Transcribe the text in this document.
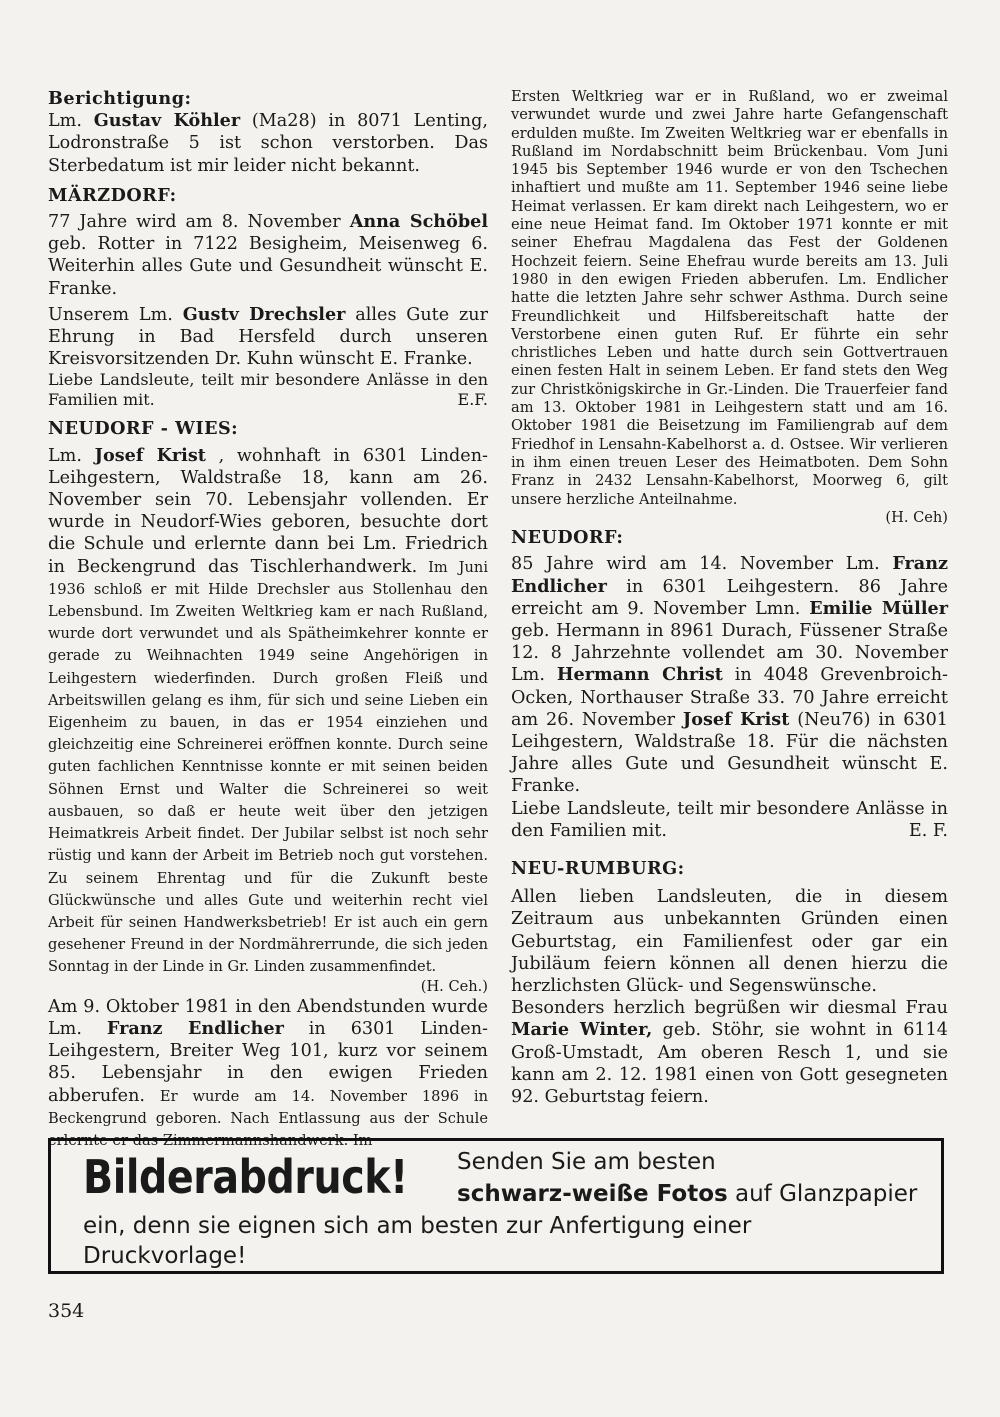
Berichtigung:

Lm. Gustav Köhler (Ma28) in 8071 Lenting, Lodronstraße 5 ist schon verstorben. Das Sterbedatum ist mir leider nicht bekannt.

MÄRZDORF:

77 Jahre wird am 8. November Anna Schöbel geb. Rotter in 7122 Besigheim, Meisenweg 6. Weiterhin alles Gute und Gesundheit wünscht E. Franke.

Unserem Lm. Gustv Drechsler alles Gute zur Ehrung in Bad Hersfeld durch unseren Kreisvorsitzenden Dr. Kuhn wünscht E. Franke.

Liebe Landsleute, teilt mir besondere Anlässe in den Familien mit.	E.F.

NEUDORF - WIES:

Lm. Josef Krist , wohnhaft in 6301 Linden-Leihgestern, Waldstraße 18, kann am 26. November sein 70. Lebensjahr vollenden. Er wurde in Neudorf-Wies geboren, besuchte dort die Schule und erlernte dann bei Lm. Friedrich in Beckengrund das Tischlerhandwerk. Im Juni 1936 schloß er mit Hilde Drechsler aus Stollenhau den Lebensbund. Im Zweiten Weltkrieg kam er nach Rußland, wurde dort verwundet und als Spätheimkehrer konnte er gerade zu Weihnachten 1949 seine Angehörigen in Leihgestern wiederfinden. Durch großen Fleiß und Arbeitswillen gelang es ihm, für sich und seine Lieben ein Eigenheim zu bauen, in das er 1954 einziehen und gleichzeitig eine Schreinerei eröffnen konnte. Durch seine guten fachlichen Kenntnisse konnte er mit seinen beiden Söhnen Ernst und Walter die Schreinerei so weit ausbauen, so daß er heute weit über den jetzigen Heimatkreis Arbeit findet. Der Jubilar selbst ist noch sehr rüstig und kann der Arbeit im Betrieb noch gut vorstehen. Zu seinem Ehrentag und für die Zukunft beste Glückwünsche und alles Gute und weiterhin recht viel Arbeit für seinen Handwerksbetrieb! Er ist auch ein gern gesehener Freund in der Nordmährerrunde, die sich jeden Sonntag in der Linde in Gr. Linden zusammenfindet.
(H. Ceh.)

Am 9. Oktober 1981 in den Abendstunden wurde Lm. Franz Endlicher in 6301 Linden-Leihgestern, Breiter Weg 101, kurz vor seinem 85. Lebensjahr in den ewigen Frieden abberufen. Er wurde am 14. November 1896 in Beckengrund geboren. Nach Entlassung aus der Schule erlernte er das Zimmermannshandwerk. Im

Ersten Weltkrieg war er in Rußland, wo er zweimal verwundet wurde und zwei Jahre harte Gefangenschaft erdulden mußte. Im Zweiten Weltkrieg war er ebenfalls in Rußland im Nordabschnitt beim Brückenbau. Vom Juni 1945 bis September 1946 wurde er von den Tschechen inhaftiert und mußte am 11. September 1946 seine liebe Heimat verlassen. Er kam direkt nach Leihgestern, wo er eine neue Heimat fand. Im Oktober 1971 konnte er mit seiner Ehefrau Magdalena das Fest der Goldenen Hochzeit feiern. Seine Ehefrau wurde bereits am 13. Juli 1980 in den ewigen Frieden abberufen. Lm. Endlicher hatte die letzten Jahre sehr schwer Asthma. Durch seine Freundlichkeit und Hilfsbereitschaft hatte der Verstorbene einen guten Ruf. Er führte ein sehr christliches Leben und hatte durch sein Gottvertrauen einen festen Halt in seinem Leben. Er fand stets den Weg zur Christkönigskirche in Gr.-Linden. Die Trauerfeier fand am 13. Oktober 1981 in Leihgestern statt und am 16. Oktober 1981 die Beisetzung im Familiengrab auf dem Friedhof in Lensahn-Kabelhorst a. d. Ostsee. Wir verlieren in ihm einen treuen Leser des Heimatboten. Dem Sohn Franz in 2432 Lensahn-Kabelhorst, Moorweg 6, gilt unsere herzliche Anteilnahme.

(H. Ceh)

NEUDORF:

85 Jahre wird am 14. November Lm. Franz Endlicher in 6301 Leihgestern. 86 Jahre erreicht am 9. November Lmn. Emilie Müller geb. Hermann in 8961 Durach, Füssener Straße 12. 8 Jahrzehnte vollendet am 30. November Lm. Hermann Christ in 4048 Grevenbroich-Ocken, Northauser Straße 33. 70 Jahre erreicht am 26. November Josef Krist (Neu76) in 6301 Leihgestern, Waldstraße 18. Für die nächsten Jahre alles Gute und Gesundheit wünscht E. Franke.

Liebe Landsleute, teilt mir besondere Anlässe in den Familien mit.	E. F.

NEU-RUMBURG:

Allen lieben Landsleuten, die in diesem Zeitraum aus unbekannten Gründen einen Geburtstag, ein Familienfest oder gar ein Jubiläum feiern können all denen hierzu die herzlichsten Glück- und Segenswünsche.

Besonders herzlich begrüßen wir diesmal Frau Marie Winter, geb. Stöhr, sie wohnt in 6114 Groß-Umstadt, Am oberen Resch 1, und sie kann am 2. 12. 1981 einen von Gott gesegneten 92. Geburtstag feiern.

Bilderabdruck! Senden Sie am besten
schwarz-weiße Fotos auf Glanzpapier
ein, denn sie eignen sich am besten zur Anfertigung einer
Druckvorlage!
354
